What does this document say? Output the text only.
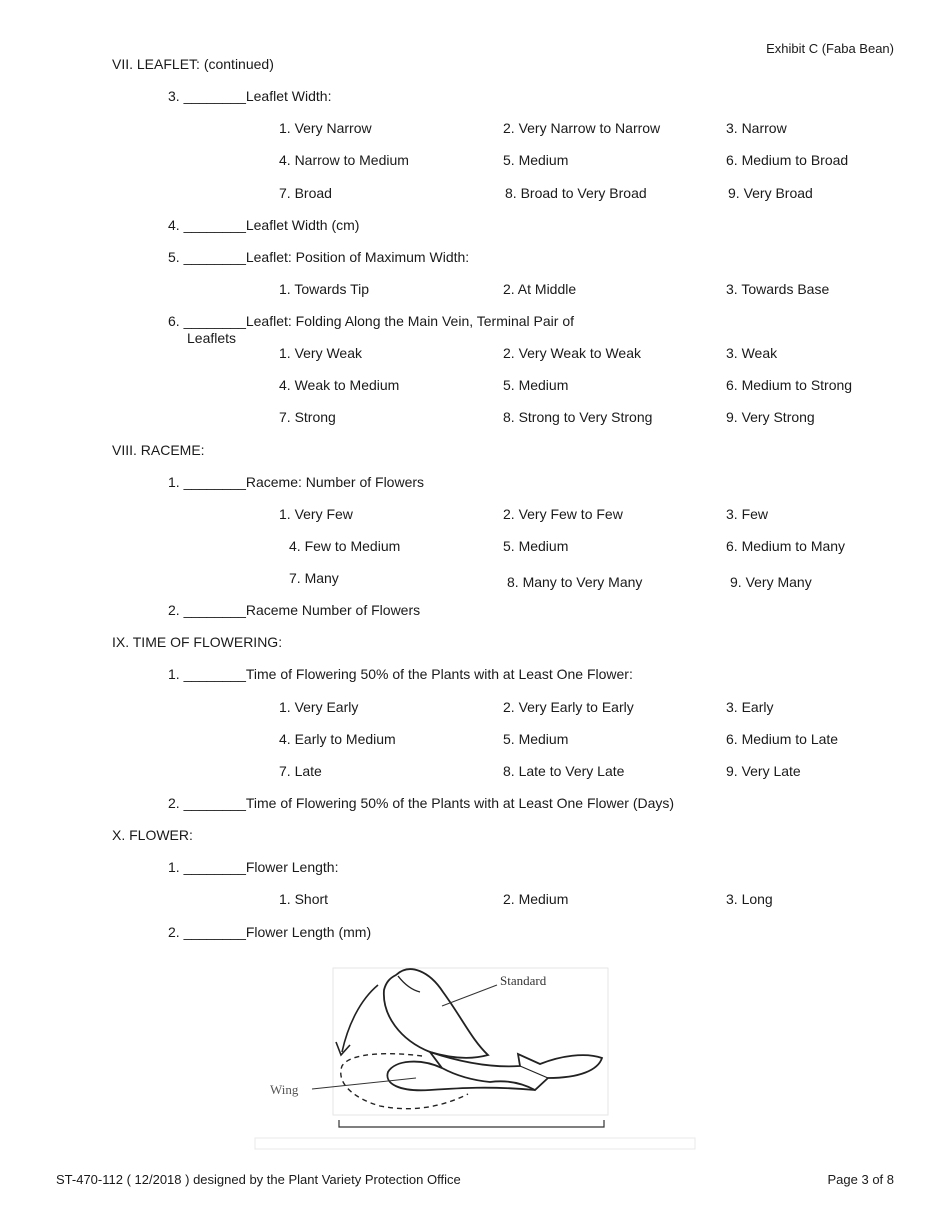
Exhibit C (Faba Bean)
VII. LEAFLET: (continued)
3. ________Leaflet Width:
1. Very Narrow	2. Very Narrow to Narrow	3. Narrow
4. Narrow to Medium	5. Medium	6. Medium to Broad
7. Broad	8. Broad to Very Broad	9. Very Broad
4. ________Leaflet Width (cm)
5. ________Leaflet: Position of Maximum Width:
1. Towards Tip	2. At Middle	3. Towards Base
6. ________Leaflet: Folding Along the Main Vein, Terminal Pair of
Leaflets
1. Very Weak	2. Very Weak to Weak	3. Weak
4. Weak to Medium	5. Medium	6. Medium to Strong
7. Strong	8. Strong to Very Strong	9. Very Strong
VIII. RACEME:
1. ________Raceme: Number of Flowers
1. Very Few	2. Very Few to Few	3. Few
4. Few to Medium	5. Medium	6. Medium to Many
7. Many	8. Many to Very Many	9. Very Many
2. ________Raceme Number of Flowers
IX. TIME OF FLOWERING:
1. ________Time of Flowering 50% of the Plants with at Least One Flower:
1. Very Early	2. Very Early to Early	3. Early
4. Early to Medium	5. Medium	6. Medium to Late
7. Late	8. Late to Very Late	9. Very Late
2. ________Time of Flowering 50% of the Plants with at Least One Flower (Days)
X. FLOWER:
1. ________Flower Length:
1. Short	2. Medium	3. Long
2. ________Flower Length (mm)
Standard
Wing
ST-470-112 ( 12/2018 ) designed by the Plant Variety Protection Office	Page 3 of 8
